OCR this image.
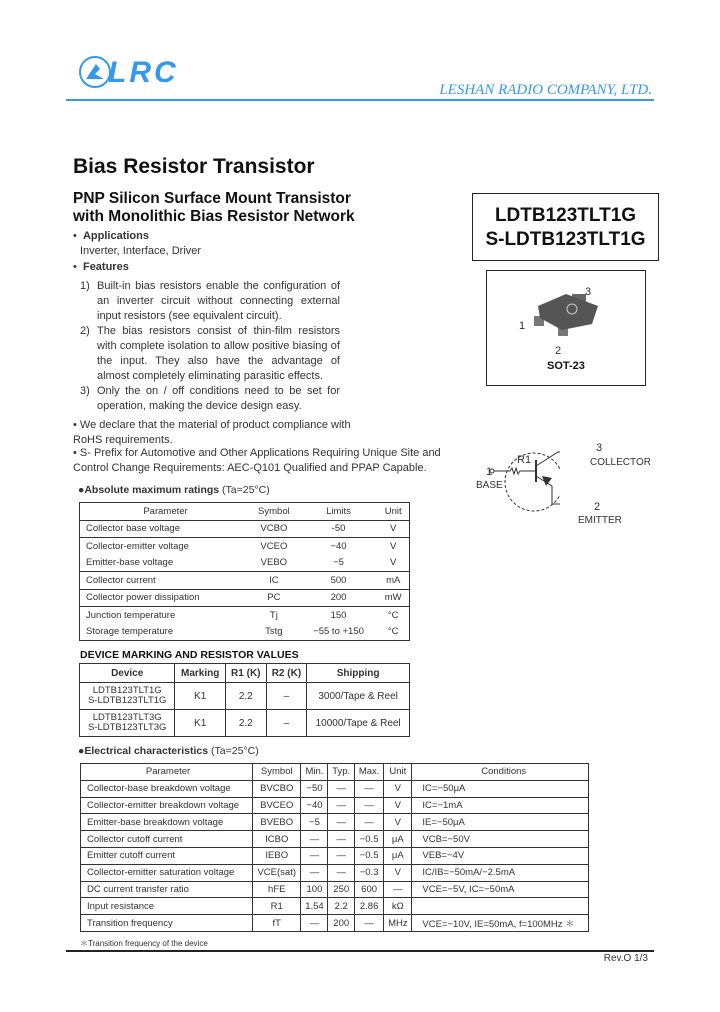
LRC
LESHAN RADIO COMPANY, LTD.
Bias Resistor Transistor
PNP Silicon Surface Mount Transistor
with Monolithic Bias Resistor Network	LDTB123TLT1G
S-LDTB123TLT1G
3
1
2
SOT-23
•  Applications
Inverter, Interface, Driver
•  Features
1) Built-in bias resistors enable the configuration of an inverter circuit without connecting external input resistors (see equivalent circuit).
2) The bias resistors consist of thin-film resistors with complete isolation to allow positive biasing of the input. They also have the advantage of almost completely eliminating parasitic effects.
3) Only the on / off conditions need to be set for operation, making the device design easy.
• We declare that the material of product compliance with RoHS requirements.
• S- Prefix for Automotive and Other Applications Requiring Unique Site and Control Change Requirements: AEC-Q101 Qualified and PPAP Capable.
R1
1
BASE
3
COLLECTOR
2
EMITTER
●Absolute maximum ratings (Ta=25°C)
Parameter	Symbol	Limits	Unit
Collector base voltage	VCBO	-50	V
Collector-emitter voltage	VCEO	−40	V
Emitter-base voltage	VEBO	−5	V
Collector current	IC	500	mA
Collector power dissipation	PC	200	mW
Junction temperature	Tj	150	°C
Storage temperature	Tstg	−55 to +150	°C
DEVICE MARKING AND RESISTOR VALUES
Device	Marking	R1 (K)	R2 (K)	Shipping

LDTB123TLT1G
S-LDTB123TLT1G	K1	2.2	–	3000/Tape & Reel

LDTB123TLT3G
S-LDTB123TLT3G	K1	2.2	–	10000/Tape & Reel
●Electrical characteristics (Ta=25°C)
Parameter	Symbol	Min.	Typ.	Max.	Unit	Conditions
Collector-base breakdown voltage	BVCBO	−50	—	—	V	IC=−50μA
Collector-emitter breakdown voltage	BVCEO	−40	—	—	V	IC=−1mA
Emitter-base breakdown voltage	BVEBO	−5	—	—	V	IE=−50μA
Collector cutoff current	ICBO	—	—	−0.5	μA	VCB=−50V
Emitter cutoff current	IEBO	—	—	−0.5	μA	VEB=−4V
Collector-emitter saturation voltage	VCE(sat)	—	—	−0.3	V	IC/IB=−50mA/−2.5mA
DC current transfer ratio	hFE	100	250	600	—	VCE=−5V, IC=−50mA
Input resistance	R1	1.54	2.2	2.86	kΩ	
Transition frequency	fT	—	200	—	MHz	VCE=−10V, IE=50mA, f=100MHz ＊
＊Transition frequency of the device
Rev.O 1/3
